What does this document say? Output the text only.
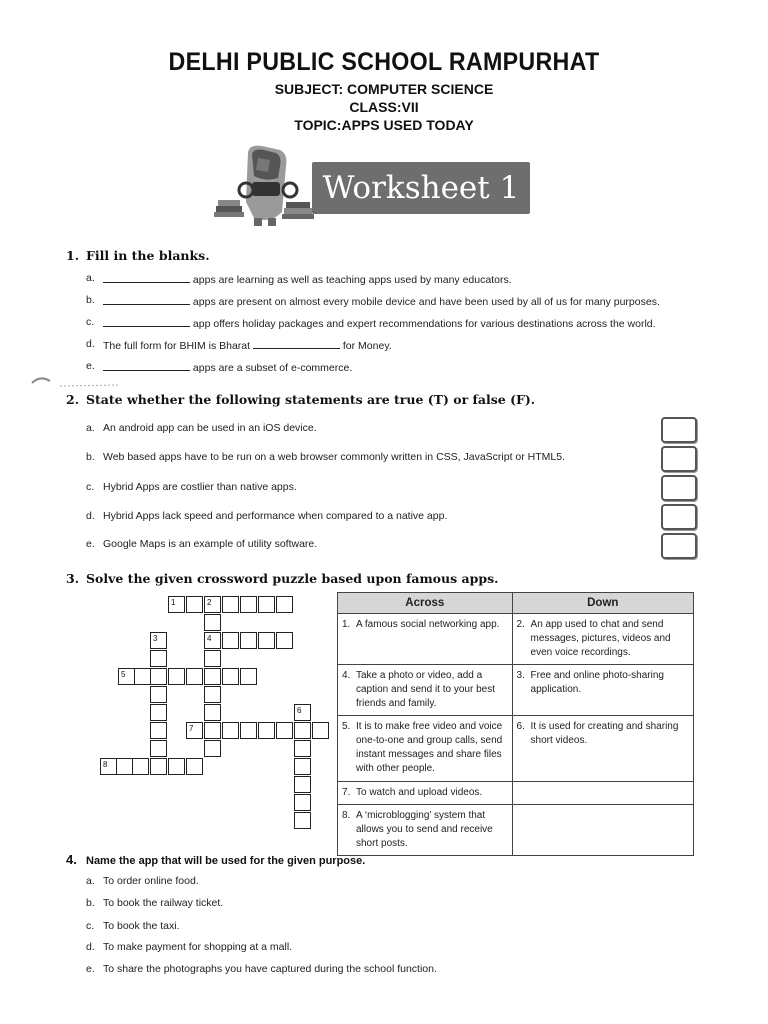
DELHI PUBLIC SCHOOL RAMPURHAT
SUBJECT: COMPUTER SCIENCE
CLASS:VII
TOPIC:APPS USED TODAY
Worksheet 1
1. Fill in the blanks.
a.	apps are learning as well as teaching apps used by many educators.
b.	apps are present on almost every mobile device and have been used by all of us for many purposes.
c.	app offers holiday packages and expert recommendations for various destinations across the world.
d. The full form for BHIM is Bharat	for Money.
e.	apps are a subset of e-commerce.
2. State whether the following statements are true (T) or false (F).
a. An android app can be used in an iOS device.
b. Web based apps have to be run on a web browser commonly written in CSS, JavaScript or HTML5.
c. Hybrid Apps are costlier than native apps.
d. Hybrid Apps lack speed and performance when compared to a native app.
e. Google Maps is an example of utility software.
3. Solve the given crossword puzzle based upon famous apps.
1	2
4
3
5
7
6
8
Across	Down

1. A famous social networking app.	2. An app used to chat and send messages, pictures, videos and even voice recordings.

4. Take a photo or video, add a caption and send it to your best friends and family.	3. Free and online photo-sharing application.

5. It is to make free video and voice one-to-one and group calls, send instant messages and share files with other people.	6. It is used for creating and sharing short videos.

7. To watch and upload videos.	

8. A ‘microblogging’ system that allows you to send and receive short posts.	

4. Name the app that will be used for the given purpose.
a. To order online food.
b. To book the railway ticket.
c. To book the taxi.
d. To make payment for shopping at a mall.
e. To share the photographs you have captured during the school function.
